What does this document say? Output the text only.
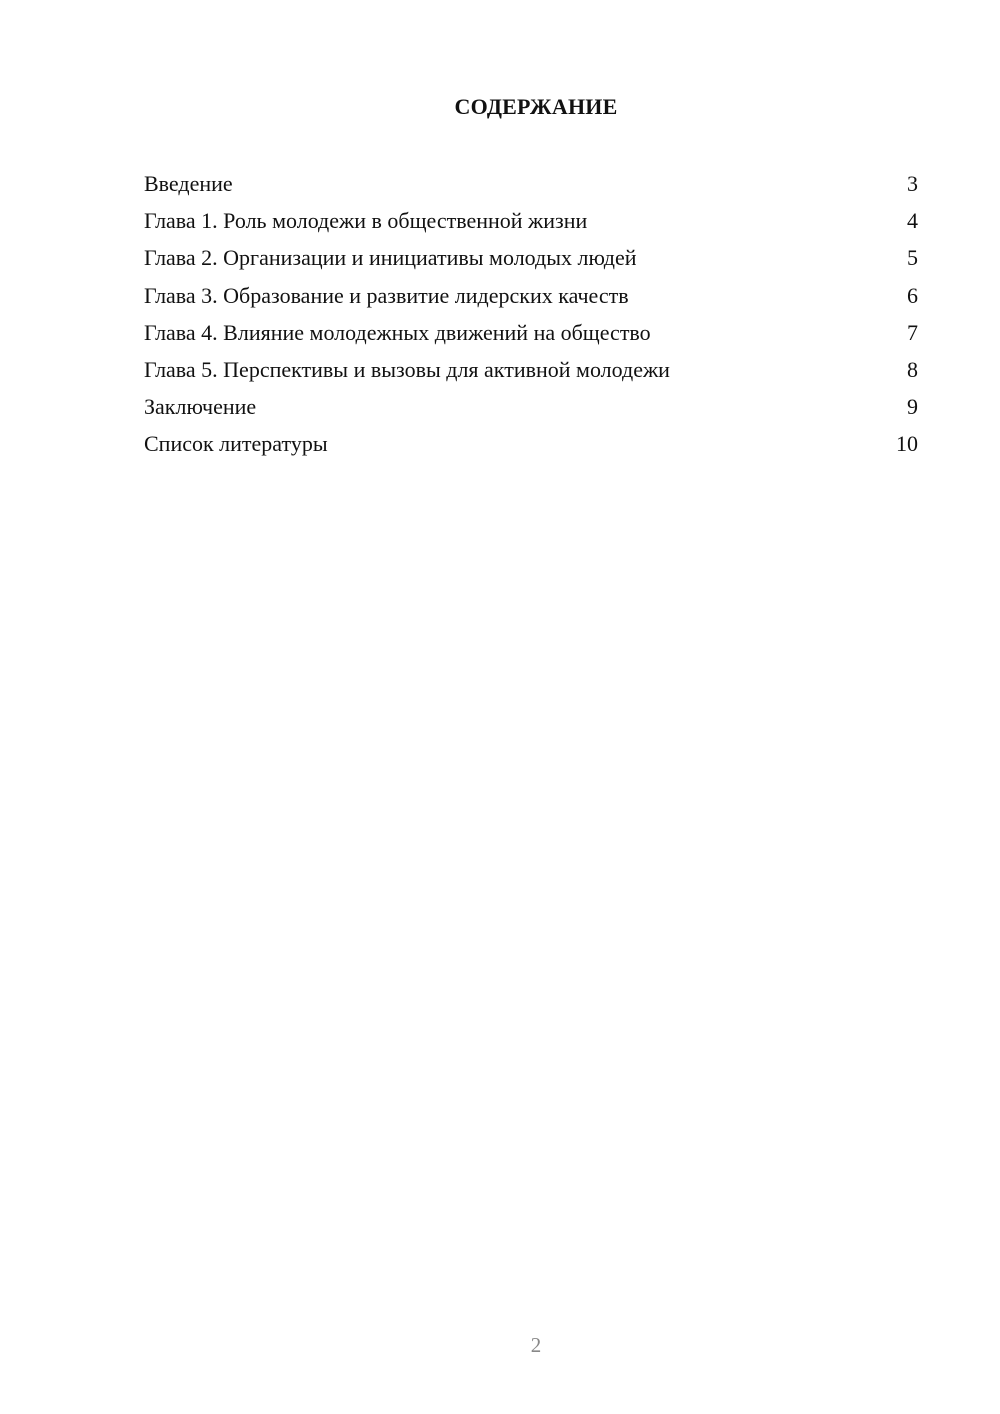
СОДЕРЖАНИЕ
Введение	3
Глава 1. Роль молодежи в общественной жизни	4
Глава 2. Организации и инициативы молодых людей	5
Глава 3. Образование и развитие лидерских качеств	6
Глава 4. Влияние молодежных движений на общество	7
Глава 5. Перспективы и вызовы для активной молодежи	8
Заключение	9
Список литературы	10
2
